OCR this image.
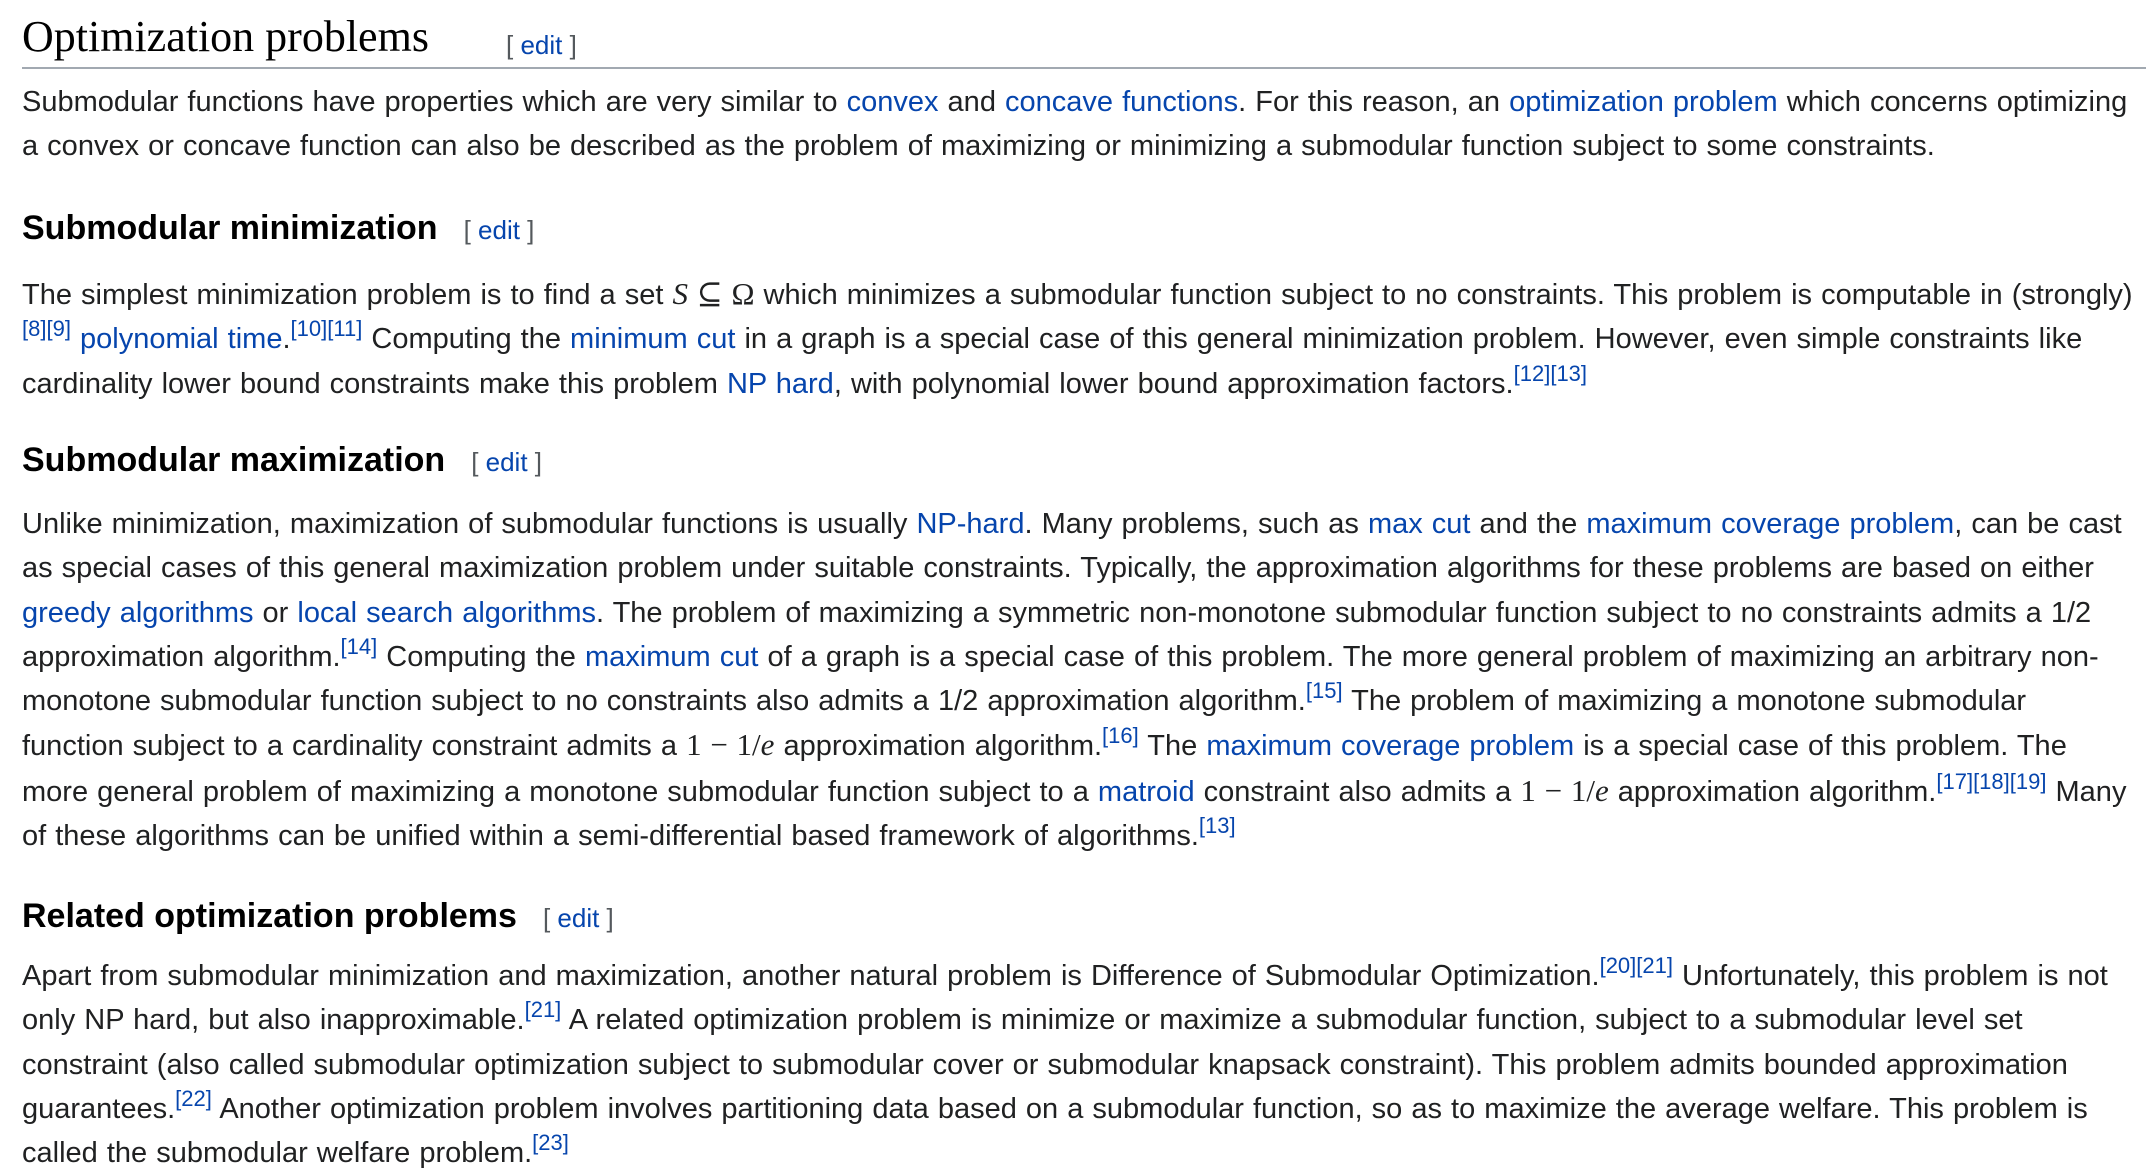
Optimization problems	[ edit ]

Submodular functions have properties which are very similar to convex and concave functions. For this reason, an optimization problem which concerns optimizing a convex or concave function can also be described as the problem of maximizing or minimizing a submodular function subject to some constraints.

Submodular minimization [ edit ]

The simplest minimization problem is to find a set S ⊆ Ω which minimizes a submodular function subject to no constraints. This problem is computable in (strongly)[8][9] polynomial time.[10][11] Computing the minimum cut in a graph is a special case of this general minimization problem. However, even simple constraints like cardinality lower bound constraints make this problem NP hard, with polynomial lower bound approximation factors.[12][13]

Submodular maximization [ edit ]

Unlike minimization, maximization of submodular functions is usually NP-hard. Many problems, such as max cut and the maximum coverage problem, can be cast as special cases of this general maximization problem under suitable constraints. Typically, the approximation algorithms for these problems are based on either greedy algorithms or local search algorithms. The problem of maximizing a symmetric non-monotone submodular function subject to no constraints admits a 1/2 approximation algorithm.[14] Computing the maximum cut of a graph is a special case of this problem. The more general problem of maximizing an arbitrary non-monotone submodular function subject to no constraints also admits a 1/2 approximation algorithm.[15] The problem of maximizing a monotone submodular function subject to a cardinality constraint admits a 1 − 1/e approximation algorithm.[16] The maximum coverage problem is a special case of this problem. The more general problem of maximizing a monotone submodular function subject to a matroid constraint also admits a 1 − 1/e approximation algorithm.[17][18][19] Many of these algorithms can be unified within a semi-differential based framework of algorithms.[13]

Related optimization problems [ edit ]

Apart from submodular minimization and maximization, another natural problem is Difference of Submodular Optimization.[20][21] Unfortunately, this problem is not only NP hard, but also inapproximable.[21] A related optimization problem is minimize or maximize a submodular function, subject to a submodular level set constraint (also called submodular optimization subject to submodular cover or submodular knapsack constraint). This problem admits bounded approximation guarantees.[22] Another optimization problem involves partitioning data based on a submodular function, so as to maximize the average welfare. This problem is called the submodular welfare problem.[23]
